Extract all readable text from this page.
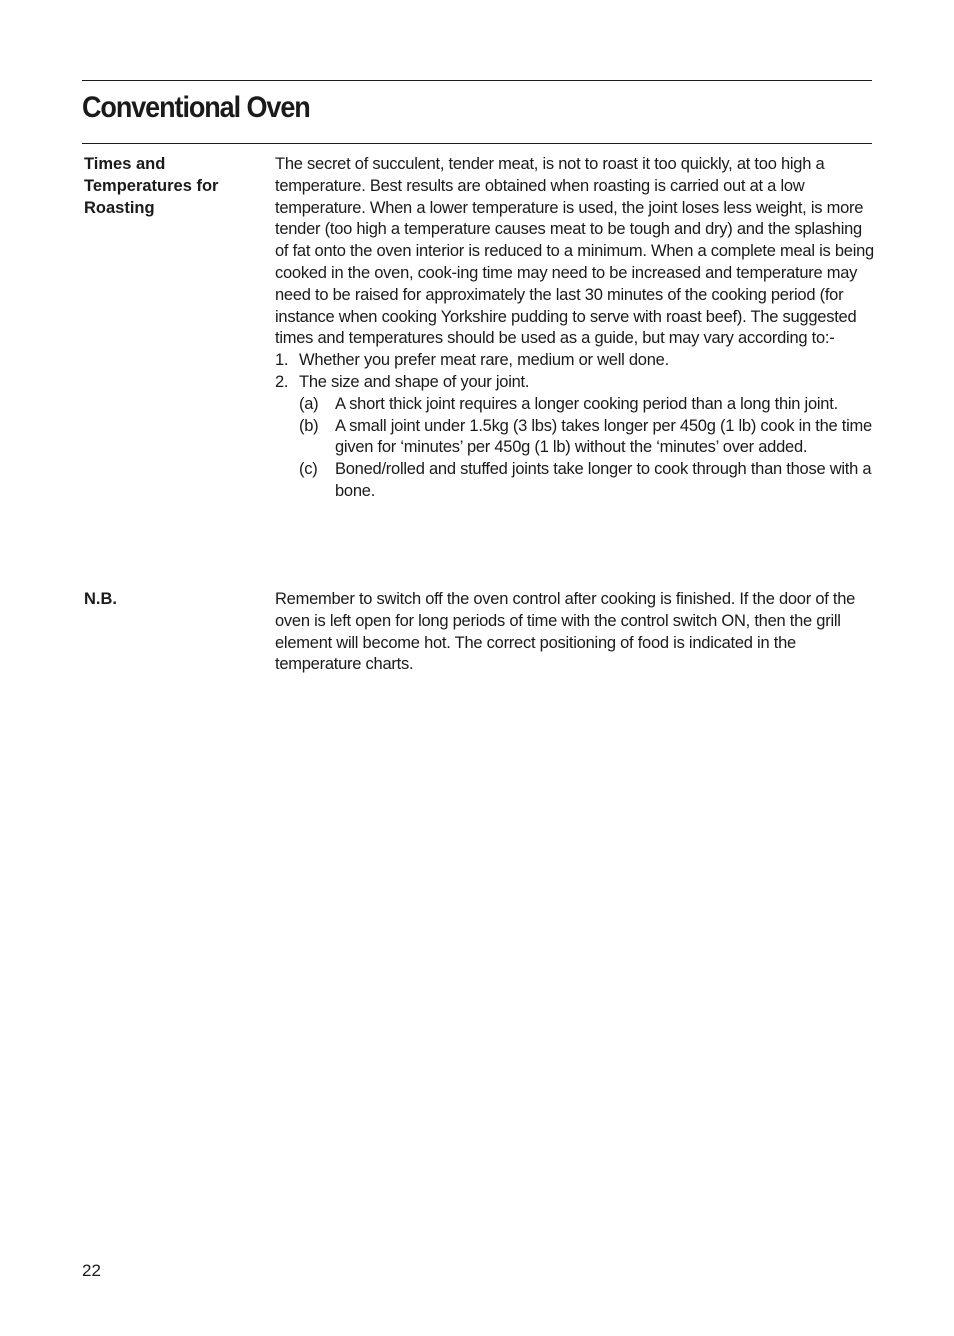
Conventional Oven
Times and Temperatures for Roasting

The secret of succulent, tender meat, is not to roast it too quickly, at too high a temperature. Best results are obtained when roasting is carried out at a low temperature. When a lower temperature is used, the joint loses less weight, is more tender (too high a temperature causes meat to be tough and dry) and the splashing of fat onto the oven interior is reduced to a minimum. When a complete meal is being cooked in the oven, cook-ing time may need to be increased and temperature may need to be raised for approximately the last 30 minutes of the cooking period (for instance when cooking Yorkshire pudding to serve with roast beef). The suggested times and temperatures should be used as a guide, but may vary according to:-

1. Whether you prefer meat rare, medium or well done.
2. The size and shape of your joint.
(a) A short thick joint requires a longer cooking period than a long thin joint.
(b) A small joint under 1.5kg (3 lbs) takes longer per 450g (1 lb) cook in the time given for ‘minutes’ per 450g (1 lb) without the ‘minutes’ over added.
(c) Boned/rolled and stuffed joints take longer to cook through than those with a bone.
N.B.	Remember to switch off the oven control after cooking is finished. If the door of the oven is left open for long periods of time with the control switch ON, then the grill element will become hot. The correct positioning of food is indicated in the temperature charts.

22
